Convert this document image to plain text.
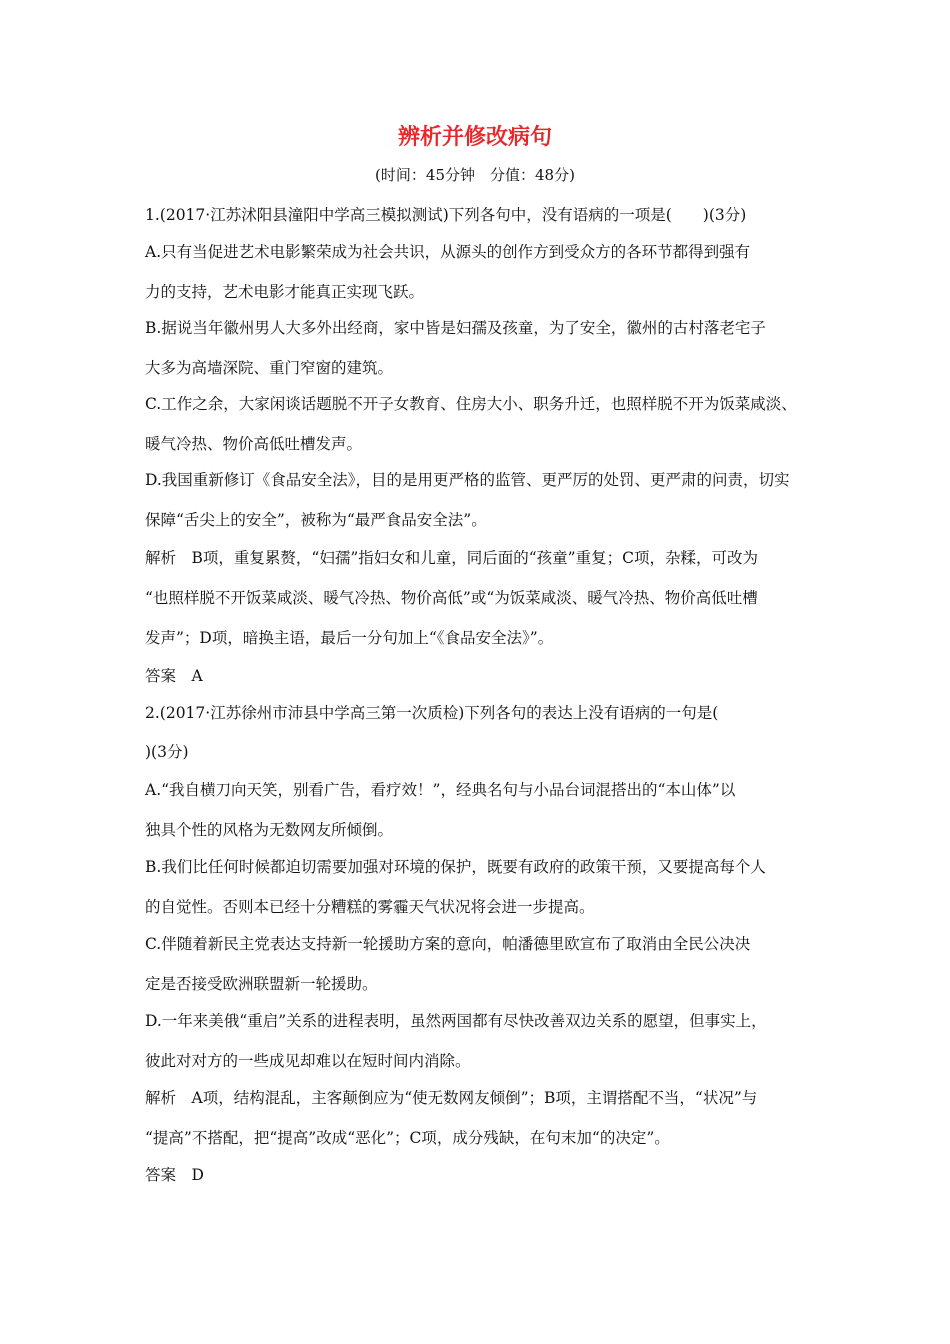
辨析并修改病句
(时间：45分钟　分值：48分)
1.(2017·江苏沭阳县潼阳中学高三模拟测试)下列各句中，没有语病的一项是(　　)(3分)
A.只有当促进艺术电影繁荣成为社会共识，从源头的创作方到受众方的各环节都得到强有
力的支持，艺术电影才能真正实现飞跃。
B.据说当年徽州男人大多外出经商，家中皆是妇孺及孩童，为了安全，徽州的古村落老宅子
大多为高墙深院、重门窄窗的建筑。
C.工作之余，大家闲谈话题脱不开子女教育、住房大小、职务升迁，也照样脱不开为饭菜咸淡、
暖气冷热、物价高低吐槽发声。
D.我国重新修订《食品安全法》，目的是用更严格的监管、更严厉的处罚、更严肃的问责，切实
保障“舌尖上的安全”，被称为“最严食品安全法”。
解析　B项，重复累赘，“妇孺”指妇女和儿童，同后面的“孩童”重复；C项，杂糅，可改为
“也照样脱不开饭菜咸淡、暖气冷热、物价高低”或“为饭菜咸淡、暖气冷热、物价高低吐槽
发声”；D项，暗换主语，最后一分句加上“《食品安全法》”。
答案　A
2.(2017·江苏徐州市沛县中学高三第一次质检)下列各句的表达上没有语病的一句是(
)(3分)
A.“我自横刀向天笑，别看广告，看疗效！”，经典名句与小品台词混搭出的“本山体”以
独具个性的风格为无数网友所倾倒。
B.我们比任何时候都迫切需要加强对环境的保护，既要有政府的政策干预，又要提高每个人
的自觉性。否则本已经十分糟糕的雾霾天气状况将会进一步提高。
C.伴随着新民主党表达支持新一轮援助方案的意向，帕潘德里欧宣布了取消由全民公决决
定是否接受欧洲联盟新一轮援助。
D.一年来美俄“重启”关系的进程表明，虽然两国都有尽快改善双边关系的愿望，但事实上，
彼此对对方的一些成见却难以在短时间内消除。
解析　A项，结构混乱，主客颠倒应为“使无数网友倾倒”；B项，主谓搭配不当，“状况”与
“提高”不搭配，把“提高”改成“恶化”；C项，成分残缺，在句末加“的决定”。
答案　D
